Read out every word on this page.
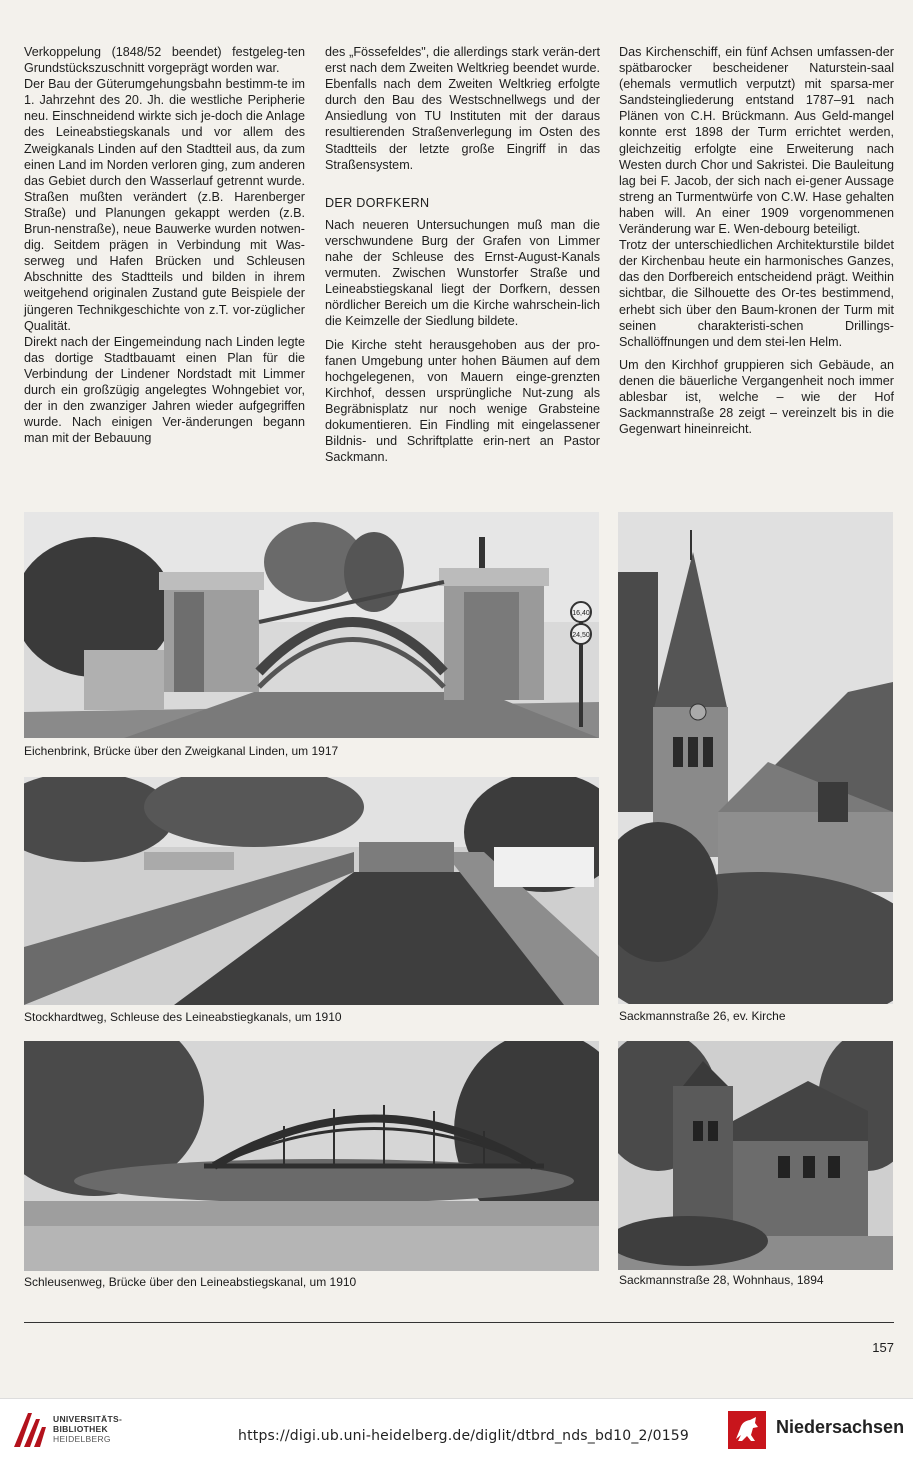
Verkoppelung (1848/52 beendet) festgeleg-ten Grundstückszuschnitt vorgeprägt worden war.

Der Bau der Güterumgehungsbahn bestimm-te im 1. Jahrzehnt des 20. Jh. die westliche Peripherie neu. Einschneidend wirkte sich je-doch die Anlage des Leineabstiegskanals und vor allem des Zweigkanals Linden auf den Stadtteil aus, da zum einen Land im Norden verloren ging, zum anderen das Gebiet durch den Wasserlauf getrennt wurde. Straßen mußten verändert (z.B. Harenberger Straße) und Planungen gekappt werden (z.B. Brun-nenstraße), neue Bauwerke wurden notwen-dig. Seitdem prägen in Verbindung mit Was-serweg und Hafen Brücken und Schleusen Abschnitte des Stadtteils und bilden in ihrem weitgehend originalen Zustand gute Beispiele der jüngeren Technikgeschichte von z.T. vor-züglicher Qualität.

Direkt nach der Eingemeindung nach Linden legte das dortige Stadtbauamt einen Plan für die Verbindung der Lindener Nordstadt mit Limmer durch ein großzügig angelegtes Wohngebiet vor, der in den zwanziger Jahren wieder aufgegriffen wurde. Nach einigen Ver-änderungen begann man mit der Bebauung

des „Fössefeldes", die allerdings stark verän-dert erst nach dem Zweiten Weltkrieg beendet wurde. Ebenfalls nach dem Zweiten Weltkrieg erfolgte durch den Bau des Westschnellwegs und der Ansiedlung von TU Instituten mit der daraus resultierenden Straßenverlegung im Osten des Stadtteils der letzte große Eingriff in das Straßensystem.

DER DORFKERN

Nach neueren Untersuchungen muß man die verschwundene Burg der Grafen von Limmer nahe der Schleuse des Ernst-August-Kanals vermuten. Zwischen Wunstorfer Straße und Leineabstiegskanal liegt der Dorfkern, dessen nördlicher Bereich um die Kirche wahrschein-lich die Keimzelle der Siedlung bildete.

Die Kirche steht herausgehoben aus der pro-fanen Umgebung unter hohen Bäumen auf dem hochgelegenen, von Mauern einge-grenzten Kirchhof, dessen ursprüngliche Nut-zung als Begräbnisplatz nur noch wenige Grabsteine dokumentieren. Ein Findling mit eingelassener Bildnis- und Schriftplatte erin-nert an Pastor Sackmann.

Das Kirchenschiff, ein fünf Achsen umfassen-der spätbarocker bescheidener Naturstein-saal (ehemals vermutlich verputzt) mit sparsa-mer Sandsteingliederung entstand 1787–91 nach Plänen von C.H. Brückmann. Aus Geld-mangel konnte erst 1898 der Turm errichtet werden, gleichzeitig erfolgte eine Erweiterung nach Westen durch Chor und Sakristei. Die Bauleitung lag bei F. Jacob, der sich nach ei-gener Aussage streng an Turmentwürfe von C.W. Hase gehalten haben will. An einer 1909 vorgenommenen Veränderung war E. Wen-debourg beteiligt.

Trotz der unterschiedlichen Architekturstile bildet der Kirchenbau heute ein harmonisches Ganzes, das den Dorfbereich entscheidend prägt. Weithin sichtbar, die Silhouette des Or-tes bestimmend, erhebt sich über den Baum-kronen der Turm mit seinen charakteristi-schen Drillings-Schallöffnungen und dem stei-len Helm.

Um den Kirchhof gruppieren sich Gebäude, an denen die bäuerliche Vergangenheit noch immer ablesbar ist, welche – wie der Hof Sackmannstraße 28 zeigt – vereinzelt bis in die Gegenwart hineinreicht.

16,40
24,50
Eichenbrink, Brücke über den Zweigkanal Linden, um 1917
Stockhardtweg, Schleuse des Leineabstiegkanals, um 1910
Schleusenweg, Brücke über den Leineabstiegskanal, um 1910
Sackmannstraße 26, ev. Kirche
Sackmannstraße 28, Wohnhaus, 1894
157
UNIVERSITÄTS-
BIBLIOTHEK
HEIDELBERG	https://digi.ub.uni-heidelberg.de/diglit/dtbrd_nds_bd10_2/0159	Niedersachsen
